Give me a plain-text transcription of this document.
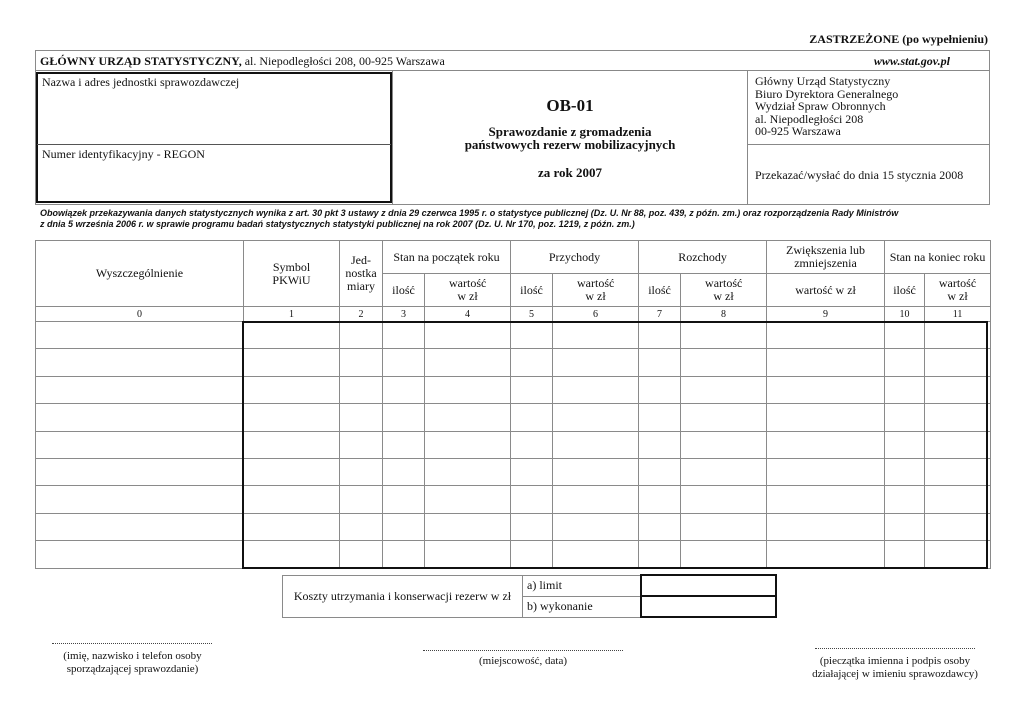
ZASTRZEŻONE (po wypełnieniu)
GŁÓWNY URZĄD STATYSTYCZNY, al. Niepodległości 208, 00-925 Warszawa	www.stat.gov.pl
Nazwa i adres jednostki sprawozdawczej
Numer identyfikacyjny - REGON
OB-01
Sprawozdanie z gromadzenia
państwowych rezerw mobilizacyjnych
za rok 2007
Główny Urząd Statystyczny
Biuro Dyrektora Generalnego
Wydział Spraw Obronnych
al. Niepodległości 208
00-925 Warszawa
Przekazać/wysłać do dnia 15 stycznia 2008
Obowiązek przekazywania danych statystycznych wynika z art. 30 pkt 3 ustawy z dnia 29 czerwca 1995 r. o statystyce publicznej (Dz. U. Nr 88, poz. 439, z późn. zm.) oraz rozporządzenia Rady Ministrów
z dnia 5 września 2006 r. w sprawie programu badań statystycznych statystyki publicznej na rok 2007 (Dz. U. Nr 170, poz. 1219, z późn. zm.)
Wyszczególnienie	Symbol PKWiU	Jed-nostka miary	Stan na początek roku		Przychody		Rozchody		Zwiększenia lub zmniejszenia	Stan na koniec roku	
			ilość	wartość w zł	ilość	wartość w zł	ilość	wartość w zł	wartość w zł	ilość	wartość w zł
0	1	2	3	4	5	6	7	8	9	10	11

Koszty utrzymania i konserwacji rezerw w zł	a) limit	
	b) wykonanie	
(imię, nazwisko i telefon osoby
sporządzającej sprawozdanie)
(miejscowość, data)	(pieczątka imienna i podpis osoby
działającej w imieniu sprawozdawcy)
